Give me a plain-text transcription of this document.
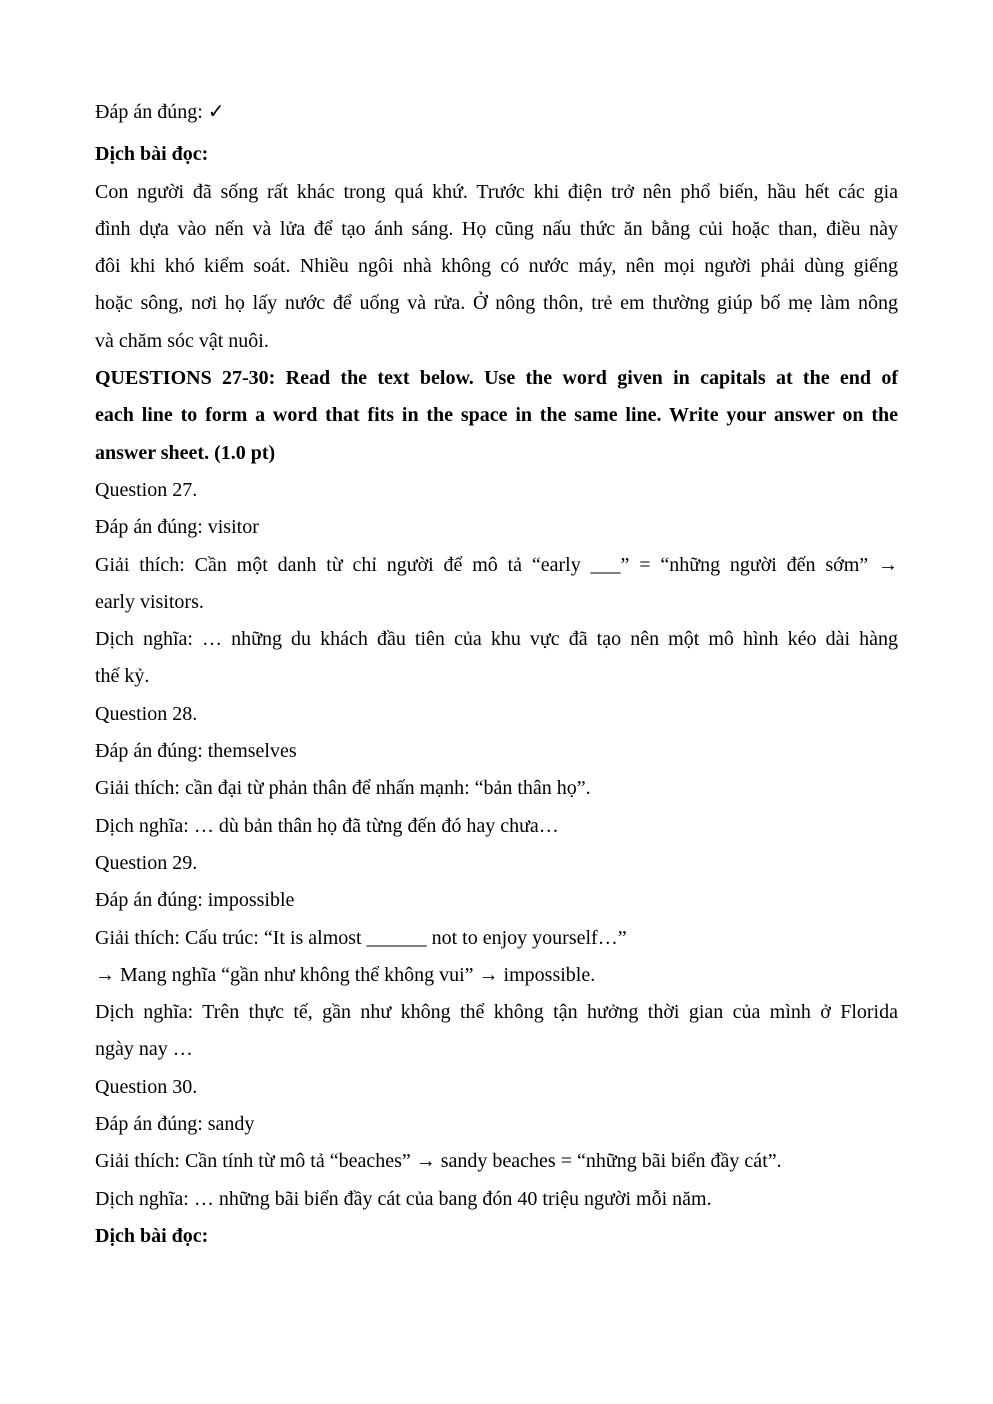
Đáp án đúng: ✓
Dịch bài đọc:
Con người đã sống rất khác trong quá khứ. Trước khi điện trở nên phổ biến, hầu hết các gia
đình dựa vào nến và lửa để tạo ánh sáng. Họ cũng nấu thức ăn bằng củi hoặc than, điều này
đôi khi khó kiểm soát. Nhiều ngôi nhà không có nước máy, nên mọi người phải dùng giếng
hoặc sông, nơi họ lấy nước để uống và rửa. Ở nông thôn, trẻ em thường giúp bố mẹ làm nông
và chăm sóc vật nuôi.
QUESTIONS 27-30: Read the text below. Use the word given in capitals at the end of
each line to form a word that fits in the space in the same line. Write your answer on the
answer sheet. (1.0 pt)
Question 27.
Đáp án đúng: visitor
Giải thích: Cần một danh từ chỉ người để mô tả “early ___” = “những người đến sớm” →
early visitors.
Dịch nghĩa: … những du khách đầu tiên của khu vực đã tạo nên một mô hình kéo dài hàng
thế kỷ.
Question 28.
Đáp án đúng: themselves
Giải thích: cần đại từ phản thân để nhấn mạnh: “bản thân họ”.
Dịch nghĩa: … dù bản thân họ đã từng đến đó hay chưa…
Question 29.
Đáp án đúng: impossible
Giải thích: Cấu trúc: “It is almost ______ not to enjoy yourself…”
→ Mang nghĩa “gần như không thể không vui” → impossible.
Dịch nghĩa: Trên thực tế, gần như không thể không tận hưởng thời gian của mình ở Florida
ngày nay …
Question 30.
Đáp án đúng: sandy
Giải thích: Cần tính từ mô tả “beaches” → sandy beaches = “những bãi biển đầy cát”.
Dịch nghĩa: … những bãi biển đầy cát của bang đón 40 triệu người mỗi năm.
Dịch bài đọc:
